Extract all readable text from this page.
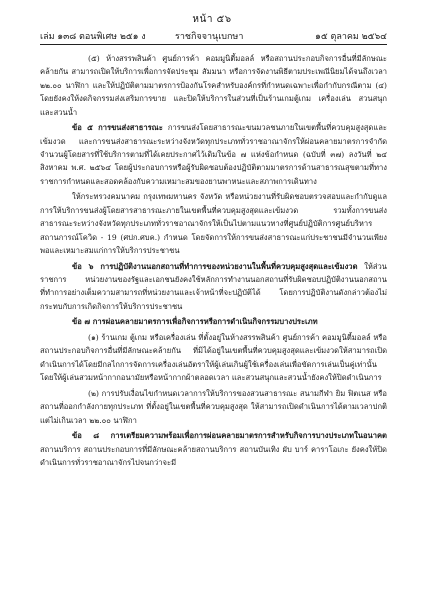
หน้า ๕๖
เล่ม ๑๓๘ ตอนพิเศษ ๒๕๑ ง	ราชกิจจานุเบกษา	๑๕ ตุลาคม ๒๕๖๔

(๕) ห้างสรรพสินค้า ศูนย์การค้า คอมมูนิตี้มอลล์ หรือสถานประกอบกิจการอื่นที่มีลักษณะคล้ายกัน สามารถเปิดให้บริการเพื่อการจัดประชุม สัมมนา หรือการจัดงานพิธีตามประเพณีนิยมได้จนถึงเวลา ๒๒.๐๐ นาฬิกา และให้ปฏิบัติตามมาตรการป้องกันโรคสำหรับองค์กรที่กำหนดเฉพาะเพื่อกำกับกรณีตาม (๔) โดยยังคงให้งดกิจกรรมส่งเสริมการขาย และปิดให้บริการในส่วนที่เป็นร้านเกมตู้เกม เครื่องเล่น สวนสนุก และสวนน้ำ

ข้อ ๕ การขนส่งสาธารณะ การขนส่งโดยสาธารณะขนมวลชนภายในเขตพื้นที่ควบคุมสูงสุดและเข้มงวด และการขนส่งสาธารณะระหว่างจังหวัดทุกประเภททั่วราชอาณาจักรให้ผ่อนคลายมาตรการจำกัดจำนวนผู้โดยสารที่ใช้บริการตามที่ได้เคยประกาศไว้เดิมในข้อ ๗ แห่งข้อกำหนด (ฉบับที่ ๓๗) ลงวันที่ ๒๔ สิงหาคม พ.ศ. ๒๕๖๔ โดยผู้ประกอบการหรือผู้รับผิดชอบต้องปฏิบัติตามมาตรการด้านสาธารณสุขตามที่ทางราชการกำหนดและสอดคล้องกับความเหมาะสมของยานพาหนะและสภาพการเดินทาง

ให้กระทรวงคมนาคม กรุงเทพมหานคร จังหวัด หรือหน่วยงานที่รับผิดชอบตรวจสอบและกำกับดูแลการให้บริการขนส่งผู้โดยสารสาธารณะภายในเขตพื้นที่ควบคุมสูงสุดและเข้มงวด รวมทั้งการขนส่งสาธารณะระหว่างจังหวัดทุกประเภททั่วราชอาณาจักรให้เป็นไปตามแนวทางที่ศูนย์ปฏิบัติการศูนย์บริหารสถานการณ์โควิด - 19 (ศปก.ศบค.) กำหนด โดยจัดการให้การขนส่งสาธารณะแก่ประชาชนมีจำนวนเพียงพอและเหมาะสมแก่การให้บริการประชาชน

ข้อ ๖ การปฏิบัติงานนอกสถานที่ทำการของหน่วยงานในพื้นที่ควบคุมสูงสุดและเข้มงวด ให้ส่วนราชการ หน่วยงานของรัฐและเอกชนยังคงใช้หลักการทำงานนอกสถานที่รับผิดชอบปฏิบัติงานนอกสถานที่ทำการอย่างเต็มความสามารถที่หน่วยงานและเจ้าหน้าที่จะปฏิบัติได้ โดยการปฏิบัติงานดังกล่าวต้องไม่กระทบกับการเกิดกิจการให้บริการประชาชน

ข้อ ๗ การผ่อนคลายมาตรการเพื่อกิจการหรือการดำเนินกิจกรรมบางประเภท

(๑) ร้านเกม ตู้เกม หรือเครื่องเล่น ที่ตั้งอยู่ในห้างสรรพสินค้า ศูนย์การค้า คอมมูนิตี้มอลล์ หรือสถานประกอบกิจการอื่นที่มีลักษณะคล้ายกัน ที่มิได้อยู่ในเขตพื้นที่ควบคุมสูงสุดและเข้มงวดให้สามารถเปิดดำเนินการได้โดยมีกลไกการจัดการเครื่องเล่นอัตราให้ผู้เล่นเกินผู้ใช้เครื่องเล่นเพื่อขัดการเล่นเป็นคู่เท่านั้น โดยให้ผู้เล่นสวมหน้ากากอนามัยหรือหน้ากากผ้าตลอดเวลา และสวนสนุกและสวนน้ำยังคงให้ปิดดำเนินการ

(๒) การปรับเงื่อนไขกำหนดเวลาการให้บริการของสวนสาธารณะ สนามกีฬา ยิม ฟิตเนส หรือสถานที่ออกกำลังกายทุกประเภท ที่ตั้งอยู่ในเขตพื้นที่ควบคุมสูงสุด ให้สามารถเปิดดำเนินการได้ตามเวลาปกติแต่ไม่เกินเวลา ๒๒.๐๐ นาฬิกา

ข้อ ๘ การเตรียมความพร้อมเพื่อการผ่อนคลายมาตรการสำหรับกิจการบางประเภทในอนาคต สถานบริการ สถานประกอบการที่มีลักษณะคล้ายสถานบริการ สถานบันเทิง ผับ บาร์ คาราโอเกะ ยังคงให้ปิดดำเนินการทั่วราชอาณาจักรไปจนกว่าจะมี
